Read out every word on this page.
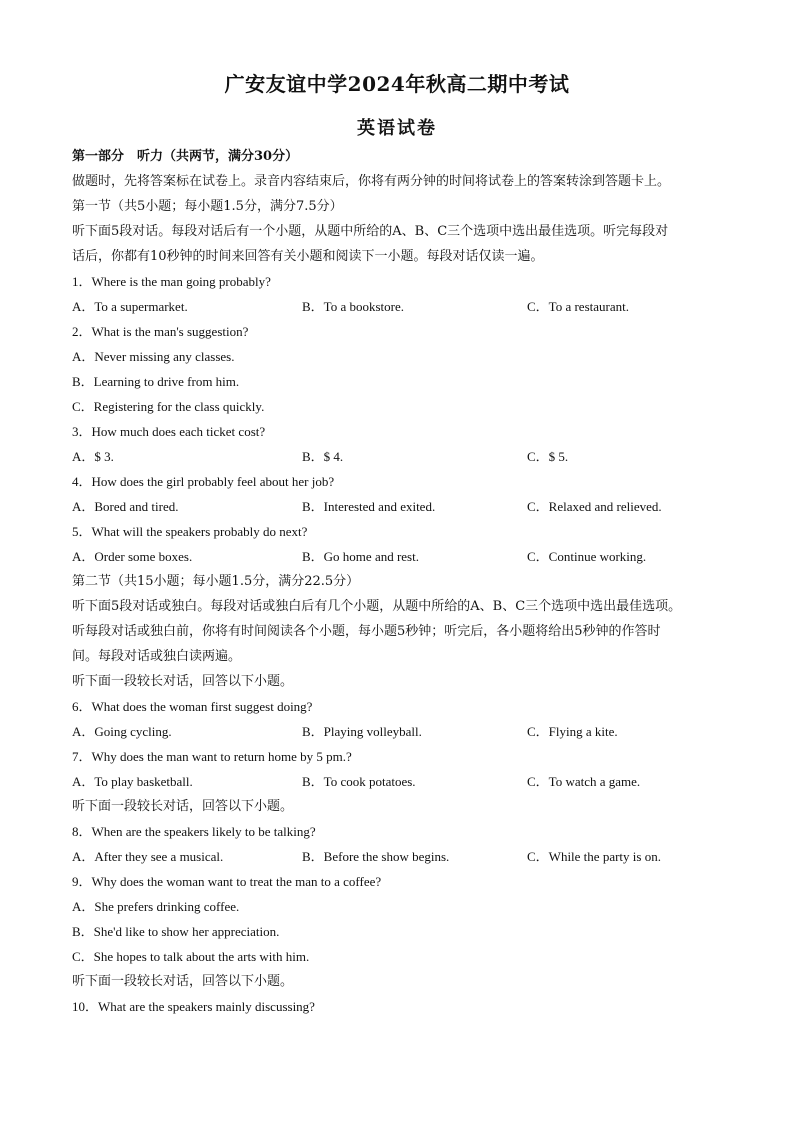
广安友谊中学2024年秋高二期中考试
英语试卷
第一部分　听力（共两节，满分30分）
做题时，先将答案标在试卷上。录音内容结束后，你将有两分钟的时间将试卷上的答案转涂到答题卡上。
第一节（共5小题；每小题1.5分，满分7.5分）
听下面5段对话。每段对话后有一个小题，从题中所给的A、B、C三个选项中选出最佳选项。听完每段对
话后，你都有10秒钟的时间来回答有关小题和阅读下一小题。每段对话仅读一遍。
1．Where is the man going probably?
A．To a supermarket.	B．To a bookstore.	C．To a restaurant.
2．What is the man's suggestion?
A．Never missing any classes.
B．Learning to drive from him.
C．Registering for the class quickly.
3．How much does each ticket cost?
A．$ 3.	B．$ 4.	C．$ 5.
4．How does the girl probably feel about her job?
A．Bored and tired.	B．Interested and exited.	C．Relaxed and relieved.
5．What will the speakers probably do next?
A．Order some boxes.	B．Go home and rest.	C．Continue working.
第二节（共15小题；每小题1.5分，满分22.5分）
听下面5段对话或独白。每段对话或独白后有几个小题，从题中所给的A、B、C三个选项中选出最佳选项。
听每段对话或独白前，你将有时间阅读各个小题，每小题5秒钟；听完后，各小题将给出5秒钟的作答时
间。每段对话或独白读两遍。
听下面一段较长对话，回答以下小题。
6．What does the woman first suggest doing?
A．Going cycling.	B．Playing volleyball.	C．Flying a kite.
7．Why does the man want to return home by 5 pm.?
A．To play basketball.	B．To cook potatoes.	C．To watch a game.
听下面一段较长对话，回答以下小题。
8．When are the speakers likely to be talking?
A．After they see a musical.	B．Before the show begins.	C．While the party is on.
9．Why does the woman want to treat the man to a coffee?
A．She prefers drinking coffee.
B．She'd like to show her appreciation.
C．She hopes to talk about the arts with him.
听下面一段较长对话，回答以下小题。
10．What are the speakers mainly discussing?
